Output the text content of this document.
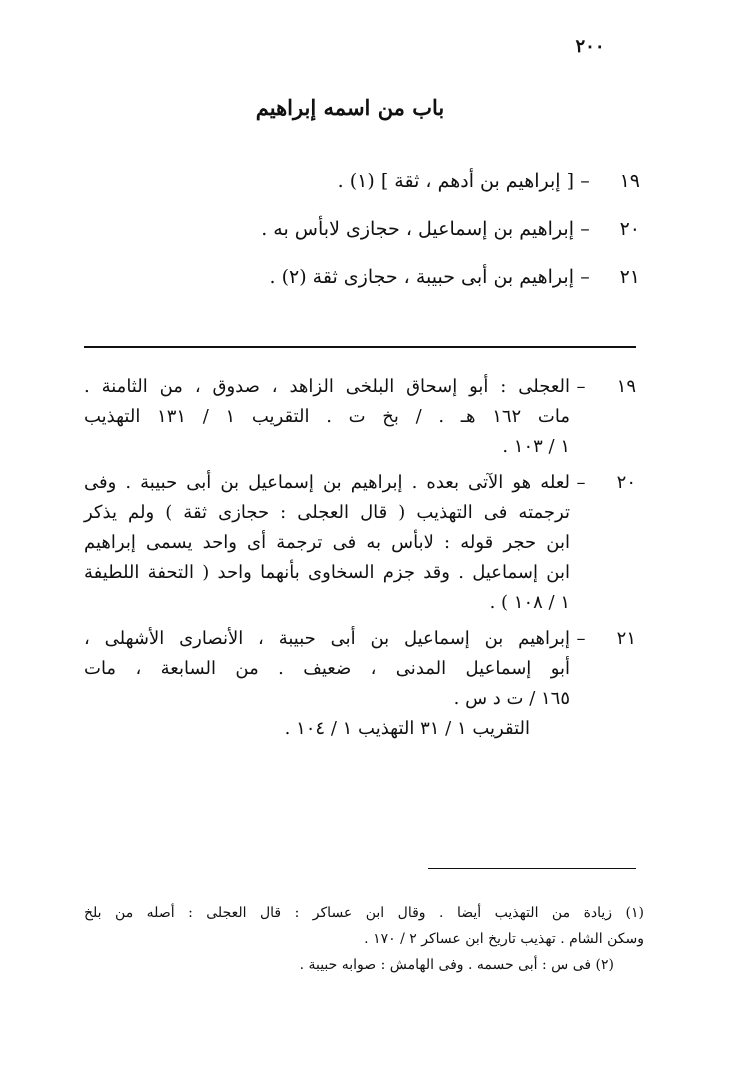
٢٠٠
باب من اسمه إبراهيم
١٩
–
[ إبراهيم بن أدهم ، ثقة ] (١) .
٢٠
–
إبراهيم بن إسماعيل ، حجازى لابأس به .
٢١
–
إبراهيم بن أبى حبيبة ، حجازى ثقة (٢) .
١٩
–
العجلى : أبو إسحاق البلخى الزاهد ، صدوق ، من الثامنة .
مات ١٦٢ هـ . / بخ ت . التقريب ١ / ١٣١ التهذيب
١ / ١٠٣ .
٢٠
–
لعله هو الآتى بعده . إبراهيم بن إسماعيل بن أبى حبيبة . وفى
ترجمته فى التهذيب ( قال العجلى : حجازى ثقة ) ولم يذكر
ابن حجر قوله : لابأس به فى ترجمة أى واحد يسمى إبراهيم
ابن إسماعيل . وقد جزم السخاوى بأنهما واحد ( التحفة اللطيفة
١ / ١٠٨ ) .
٢١
–
إبراهيم بن إسماعيل بن أبى حبيبة ، الأنصارى الأشهلى ،
أبو إسماعيل المدنى ، ضعيف . من السابعة ، مات
١٦٥ / ت د س .
التقريب ١ / ٣١ التهذيب ١ / ١٠٤ .
(١) زيادة من التهذيب أيضا . وقال ابن عساكر : قال العجلى : أصله من بلخ
وسكن الشام . تهذيب تاريخ ابن عساكر ٢ / ١٧٠ .
(٢) فى س : أبى حسمه . وفى الهامش : صوابه حبيبة .
